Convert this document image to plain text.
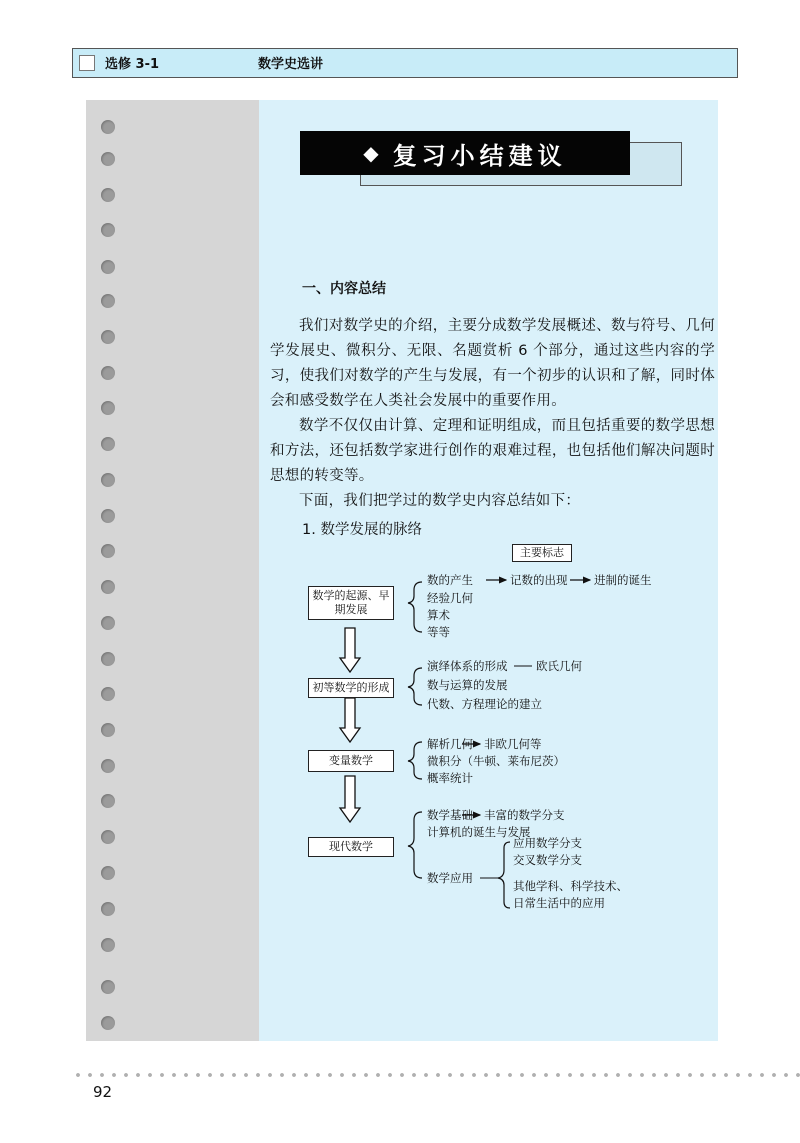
选修 3-1	数学史选讲
◆ 复习小结建议
一、内容总结

我们对数学史的介绍，主要分成数学发展概述、数与符号、几何学发展史、微积分、无限、名题赏析 6 个部分，通过这些内容的学习，使我们对数学的产生与发展，有一个初步的认识和了解，同时体会和感受数学在人类社会发展中的重要作用。

数学不仅仅由计算、定理和证明组成，而且包括重要的数学思想和方法，还包括数学家进行创作的艰难过程，也包括他们解决问题时思想的转变等。

下面，我们把学过的数学史内容总结如下：

1. 数学发展的脉络
主要标志
数学的起源、早期发展
初等数学的形成
变量数学
现代数学
数的产生	记数的出现 进制的诞生
经验几何
算术
等等
演绎体系的形成 欧氏几何
数与运算的发展
代数、方程理论的建立
解析几何 非欧几何等
微积分（牛顿、莱布尼茨）
概率统计
数学基础 丰富的数学分支
计算机的诞生与发展
数学应用
应用数学分支
交叉数学分支
其他学科、科学技术、
日常生活中的应用
92
